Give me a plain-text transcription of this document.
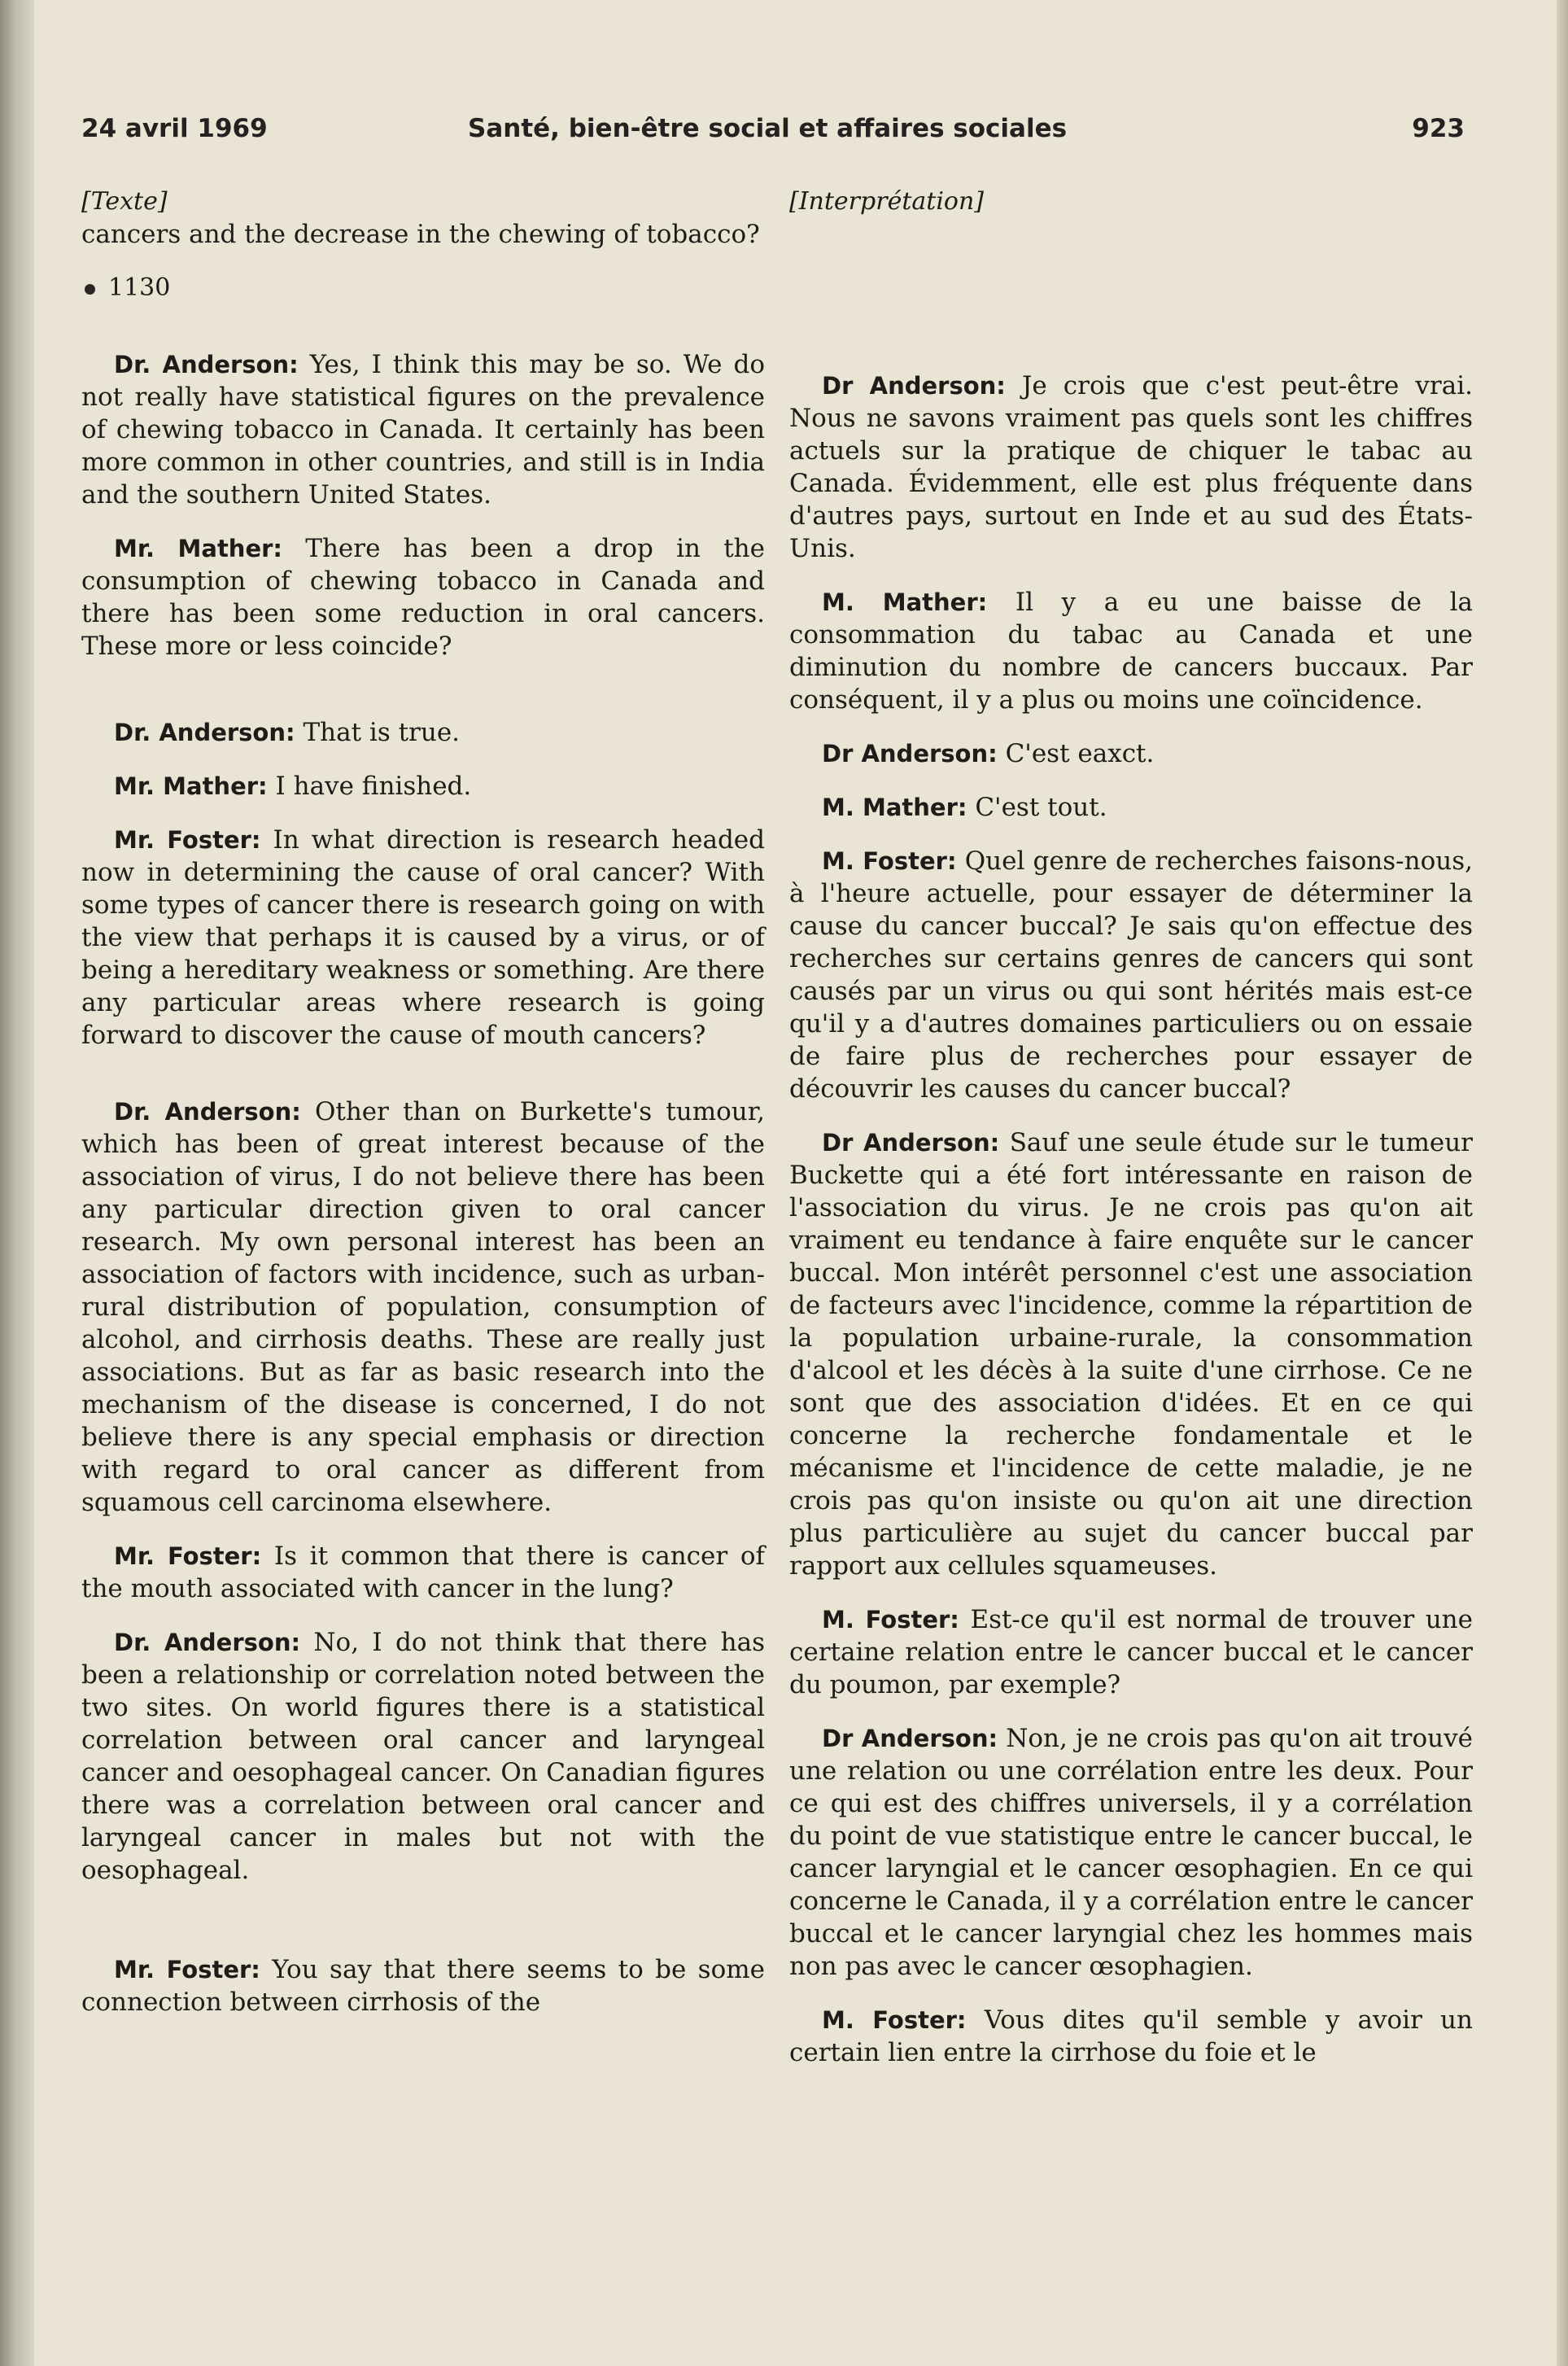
24 avril 1969	Santé, bien-être social et affaires sociales	923
[Texte]

cancers and the decrease in the chewing of tobacco?

1130

Dr. Anderson: Yes, I think this may be so. We do not really have statistical figures on the prevalence of chewing tobacco in Canada. It certainly has been more common in other countries, and still is in India and the southern United States.

Mr. Mather: There has been a drop in the consumption of chewing tobacco in Canada and there has been some reduction in oral cancers. These more or less coincide?

Dr. Anderson: That is true.

Mr. Mather: I have finished.

Mr. Foster: In what direction is research headed now in determining the cause of oral cancer? With some types of cancer there is research going on with the view that perhaps it is caused by a virus, or of being a hereditary weakness or something. Are there any particular areas where research is going forward to discover the cause of mouth cancers?

Dr. Anderson: Other than on Burkette's tumour, which has been of great interest because of the association of virus, I do not believe there has been any particular direction given to oral cancer research. My own personal interest has been an association of factors with incidence, such as urban-rural distribution of population, consumption of alcohol, and cirrhosis deaths. These are really just associations. But as far as basic research into the mechanism of the disease is concerned, I do not believe there is any special emphasis or direction with regard to oral cancer as different from squamous cell carcinoma elsewhere.

Mr. Foster: Is it common that there is cancer of the mouth associated with cancer in the lung?

Dr. Anderson: No, I do not think that there has been a relationship or correlation noted between the two sites. On world figures there is a statistical correlation between oral cancer and laryngeal cancer and oesophageal cancer. On Canadian figures there was a correlation between oral cancer and laryngeal cancer in males but not with the oesophageal.

Mr. Foster: You say that there seems to be some connection between cirrhosis of the

[Interprétation]

Dr Anderson: Je crois que c'est peut-être vrai. Nous ne savons vraiment pas quels sont les chiffres actuels sur la pratique de chiquer le tabac au Canada. Évidemment, elle est plus fréquente dans d'autres pays, surtout en Inde et au sud des États-Unis.

M. Mather: Il y a eu une baisse de la consommation du tabac au Canada et une diminution du nombre de cancers buccaux. Par conséquent, il y a plus ou moins une coïncidence.

Dr Anderson: C'est eaxct.

M. Mather: C'est tout.

M. Foster: Quel genre de recherches faisons-nous, à l'heure actuelle, pour essayer de déterminer la cause du cancer buccal? Je sais qu'on effectue des recherches sur certains genres de cancers qui sont causés par un virus ou qui sont hérités mais est-ce qu'il y a d'autres domaines particuliers ou on essaie de faire plus de recherches pour essayer de découvrir les causes du cancer buccal?

Dr Anderson: Sauf une seule étude sur le tumeur Buckette qui a été fort intéressante en raison de l'association du virus. Je ne crois pas qu'on ait vraiment eu tendance à faire enquête sur le cancer buccal. Mon intérêt personnel c'est une association de facteurs avec l'incidence, comme la répartition de la population urbaine-rurale, la consommation d'alcool et les décès à la suite d'une cirrhose. Ce ne sont que des association d'idées. Et en ce qui concerne la recherche fondamentale et le mécanisme et l'incidence de cette maladie, je ne crois pas qu'on insiste ou qu'on ait une direction plus particulière au sujet du cancer buccal par rapport aux cellules squameuses.

M. Foster: Est-ce qu'il est normal de trouver une certaine relation entre le cancer buccal et le cancer du poumon, par exemple?

Dr Anderson: Non, je ne crois pas qu'on ait trouvé une relation ou une corrélation entre les deux. Pour ce qui est des chiffres universels, il y a corrélation du point de vue statistique entre le cancer buccal, le cancer laryngial et le cancer œsophagien. En ce qui concerne le Canada, il y a corrélation entre le cancer buccal et le cancer laryngial chez les hommes mais non pas avec le cancer œsophagien.

M. Foster: Vous dites qu'il semble y avoir un certain lien entre la cirrhose du foie et le
